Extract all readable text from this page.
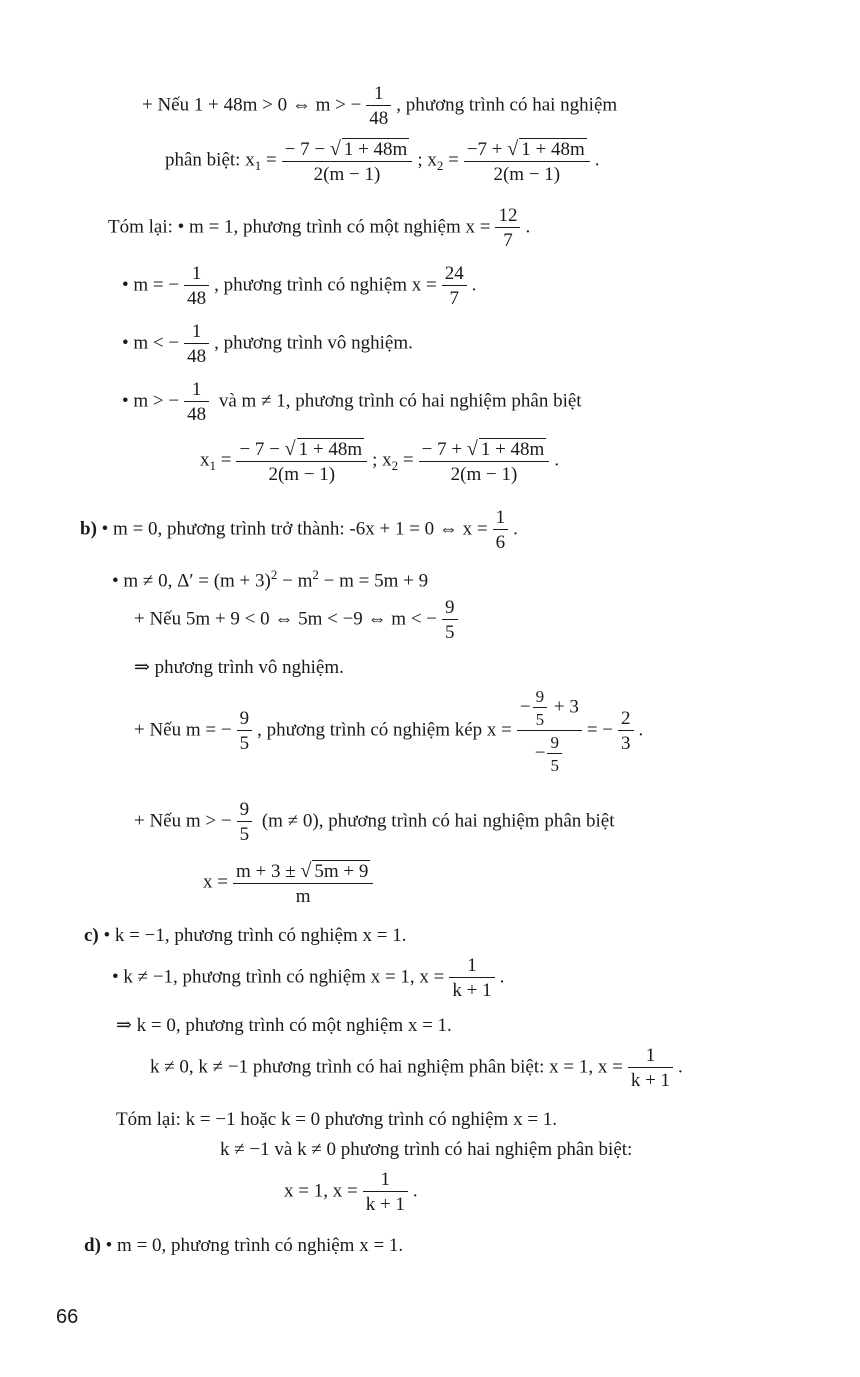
+ Nếu 1 + 48m > 0 ⇔ m > − $\frac{1}{48}$ , phương trình có hai nghiệm
phân biệt: $x_1 = \frac{- 7 - √ 1 + 48m}{2(m - 1)}$ ; $x_2 = \frac{-7 + √ 1 + 48m}{2(m - 1)}$ .
Tóm lại: • m = 1, phương trình có một nghiệm $x = \frac{12}{7}$ .
• m = − $\frac{1}{48}$ , phương trình có nghiệm $x = \frac{24}{7}$ .
• m < − $\frac{1}{48}$ , phương trình vô nghiệm.
• m > − $\frac{1}{48}$ và m ≠ 1, phương trình có hai nghiệm phân biệt
$x_1 = \frac{- 7 - √ 1 + 48m}{2(m - 1)}$ ; $x_2 = \frac{- 7 + √ 1 + 48m}{2(m - 1)}$ .
b) • m = 0, phương trình trở thành: -6x + 1 = 0 ⇔ $x = \frac{1}{6}$ .
• m ≠ 0, $\Delta' = (m + 3)^2 - m^2 - m = 5m + 9$
+ Nếu 5m + 9 < 0 ⇔ 5m < −9 ⇔ m < − $\frac{9}{5}$
⇒ phương trình vô nghiệm.
+ Nếu m = − $\frac{9}{5}$ , phương trình có nghiệm kép $x = \frac{- \frac{9}{5} + 3}{- \frac{9}{5}}$ = − $\frac{2}{3}$ .
+ Nếu m > − $\frac{9}{5} (m \ne 0)$, phương trình có hai nghiệm phân biệt
$x = \frac{m + 3 \pm √ 5m + 9}{m}$
c) • k = −1, phương trình có nghiệm x = 1.
• k ≠ −1, phương trình có nghiệm x = 1, $x = \frac{1}{k + 1}$ .
⇒ k = 0, phương trình có một nghiệm x = 1.
k ≠ 0, k ≠ −1 phương trình có hai nghiệm phân biệt: x = 1, $x = \frac{1}{k + 1}$ .
Tóm lại: k = −1 hoặc k = 0 phương trình có nghiệm x = 1.
k ≠ −1 và k ≠ 0 phương trình có hai nghiệm phân biệt:
x = 1, $x = \frac{1}{k + 1}$ .
d) • m = 0, phương trình có nghiệm x = 1.
66
